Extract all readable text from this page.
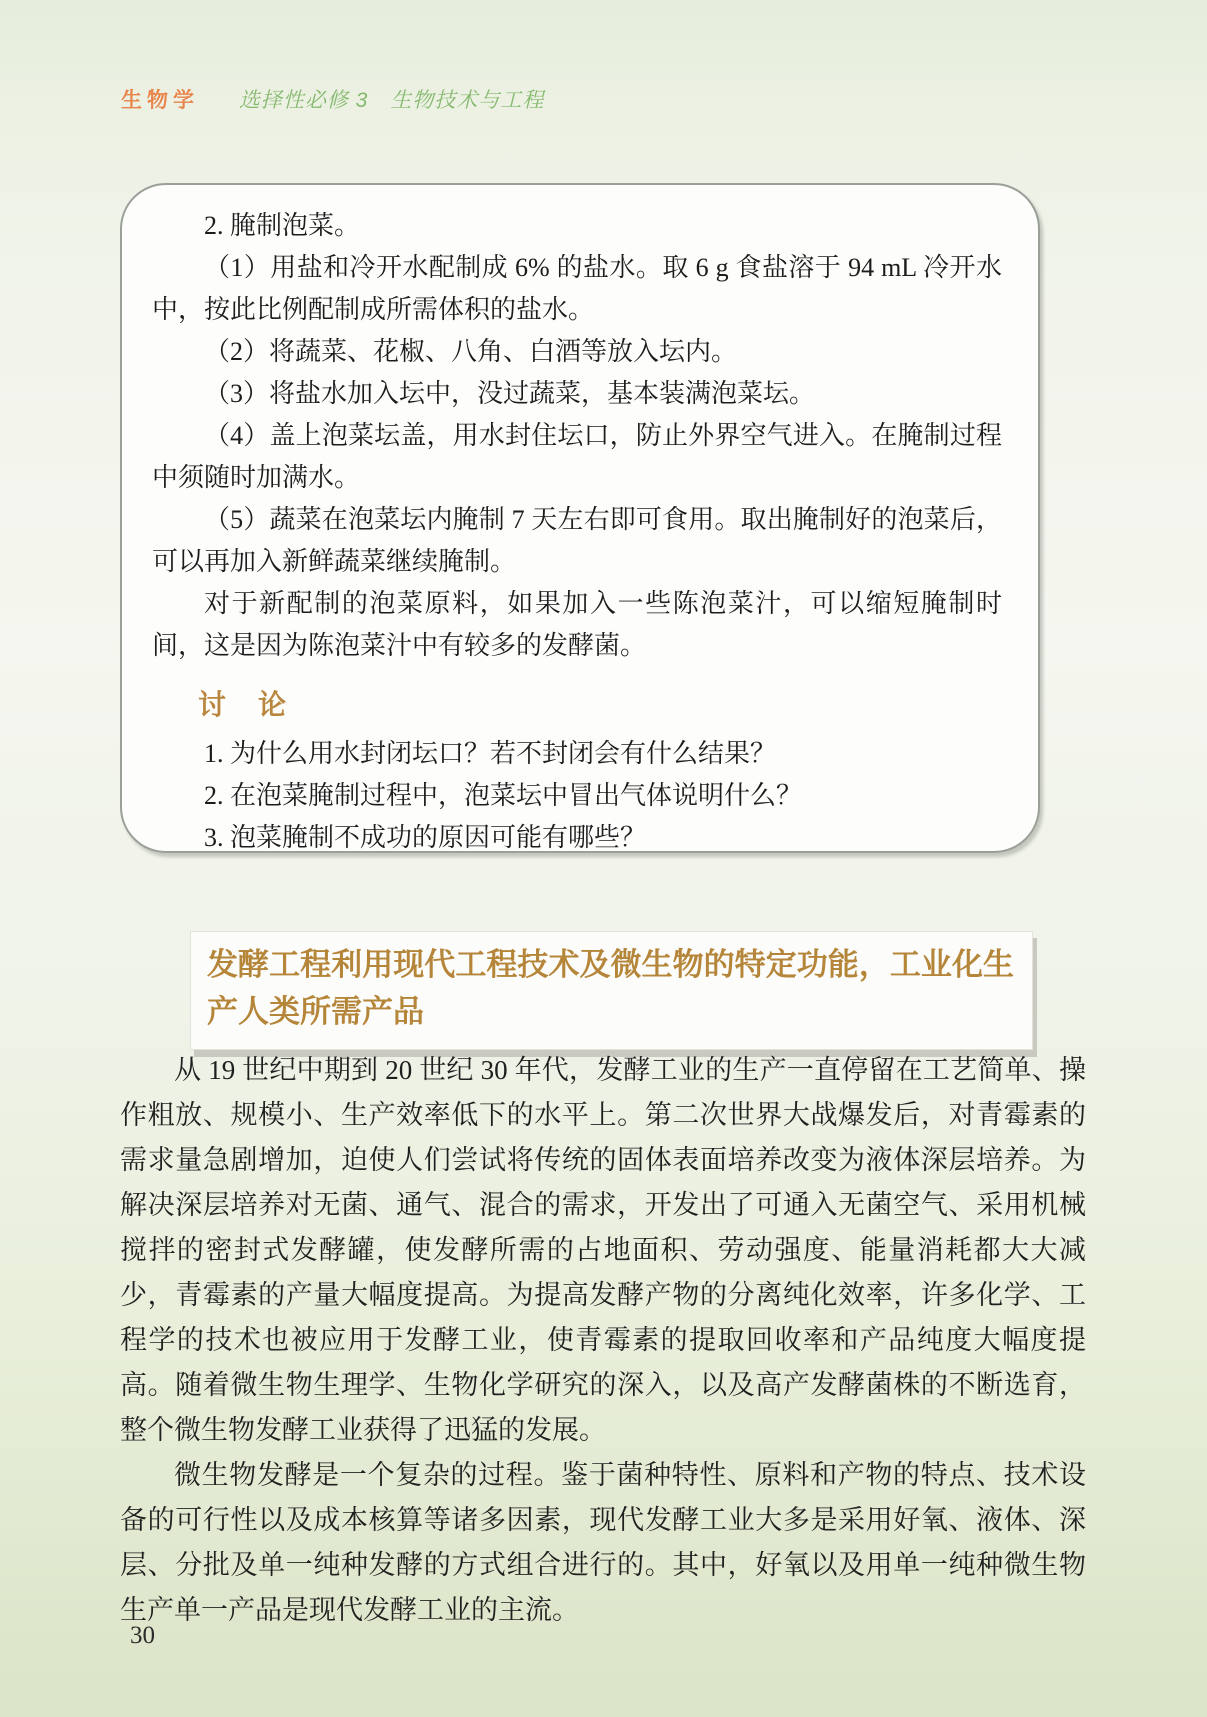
生物学 选择性必修 3　生物技术与工程

2. 腌制泡菜。

（1）用盐和冷开水配制成 6% 的盐水。取 6 g 食盐溶于 94 mL 冷开水中，按此比例配制成所需体积的盐水。

（2）将蔬菜、花椒、八角、白酒等放入坛内。

（3）将盐水加入坛中，没过蔬菜，基本装满泡菜坛。

（4）盖上泡菜坛盖，用水封住坛口，防止外界空气进入。在腌制过程中须随时加满水。

（5）蔬菜在泡菜坛内腌制 7 天左右即可食用。取出腌制好的泡菜后，可以再加入新鲜蔬菜继续腌制。

对于新配制的泡菜原料，如果加入一些陈泡菜汁，可以缩短腌制时间，这是因为陈泡菜汁中有较多的发酵菌。

讨　论

1. 为什么用水封闭坛口？若不封闭会有什么结果？

2. 在泡菜腌制过程中，泡菜坛中冒出气体说明什么？

3. 泡菜腌制不成功的原因可能有哪些？

发酵工程利用现代工程技术及微生物的特定功能，工业化生产人类所需产品

从 19 世纪中期到 20 世纪 30 年代，发酵工业的生产一直停留在工艺简单、操作粗放、规模小、生产效率低下的水平上。第二次世界大战爆发后，对青霉素的需求量急剧增加，迫使人们尝试将传统的固体表面培养改变为液体深层培养。为解决深层培养对无菌、通气、混合的需求，开发出了可通入无菌空气、采用机械搅拌的密封式发酵罐，使发酵所需的占地面积、劳动强度、能量消耗都大大减少，青霉素的产量大幅度提高。为提高发酵产物的分离纯化效率，许多化学、工程学的技术也被应用于发酵工业，使青霉素的提取回收率和产品纯度大幅度提高。随着微生物生理学、生物化学研究的深入，以及高产发酵菌株的不断选育，整个微生物发酵工业获得了迅猛的发展。

微生物发酵是一个复杂的过程。鉴于菌种特性、原料和产物的特点、技术设备的可行性以及成本核算等诸多因素，现代发酵工业大多是采用好氧、液体、深层、分批及单一纯种发酵的方式组合进行的。其中，好氧以及用单一纯种微生物生产单一产品是现代发酵工业的主流。

30
